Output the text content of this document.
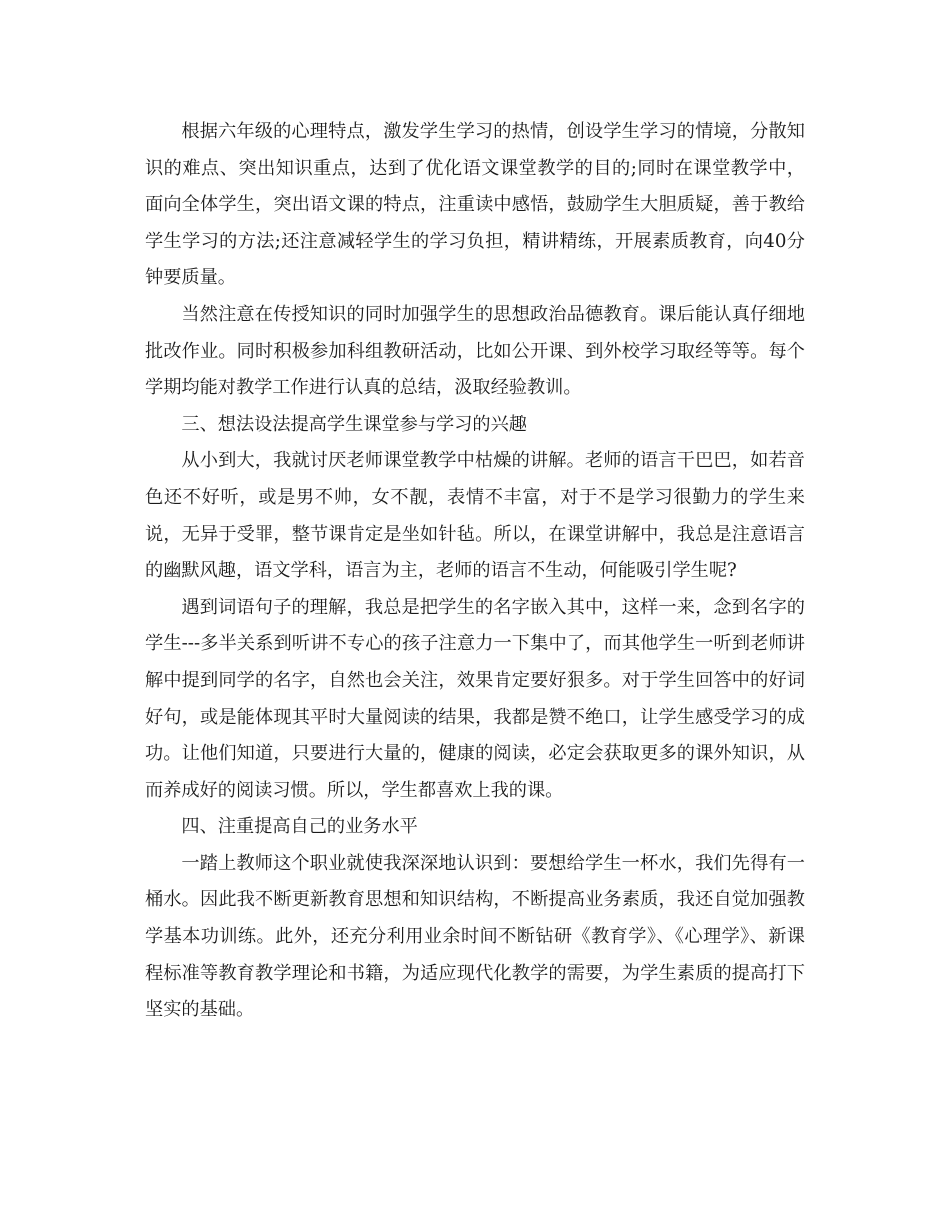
根据六年级的心理特点，激发学生学习的热情，创设学生学习的情境，分散知识的难点、突出知识重点，达到了优化语文课堂教学的目的;同时在课堂教学中，面向全体学生，突出语文课的特点，注重读中感悟，鼓励学生大胆质疑，善于教给学生学习的方法;还注意减轻学生的学习负担，精讲精练，开展素质教育，向40分钟要质量。

当然注意在传授知识的同时加强学生的思想政治品德教育。课后能认真仔细地批改作业。同时积极参加科组教研活动，比如公开课、到外校学习取经等等。每个学期均能对教学工作进行认真的总结，汲取经验教训。

三、想法设法提高学生课堂参与学习的兴趣

从小到大，我就讨厌老师课堂教学中枯燥的讲解。老师的语言干巴巴，如若音色还不好听，或是男不帅，女不靓，表情不丰富，对于不是学习很勤力的学生来说，无异于受罪，整节课肯定是坐如针毡。所以，在课堂讲解中，我总是注意语言的幽默风趣，语文学科，语言为主，老师的语言不生动，何能吸引学生呢?

遇到词语句子的理解，我总是把学生的名字嵌入其中，这样一来，念到名字的学生---多半关系到听讲不专心的孩子注意力一下集中了，而其他学生一听到老师讲解中提到同学的名字，自然也会关注，效果肯定要好狠多。对于学生回答中的好词好句，或是能体现其平时大量阅读的结果，我都是赞不绝口，让学生感受学习的成功。让他们知道，只要进行大量的，健康的阅读，必定会获取更多的课外知识，从而养成好的阅读习惯。所以，学生都喜欢上我的课。

四、注重提高自己的业务水平

一踏上教师这个职业就使我深深地认识到：要想给学生一杯水，我们先得有一桶水。因此我不断更新教育思想和知识结构，不断提高业务素质，我还自觉加强教学基本功训练。此外，还充分利用业余时间不断钻研《教育学》、《心理学》、新课程标准等教育教学理论和书籍，为适应现代化教学的需要，为学生素质的提高打下坚实的基础。
